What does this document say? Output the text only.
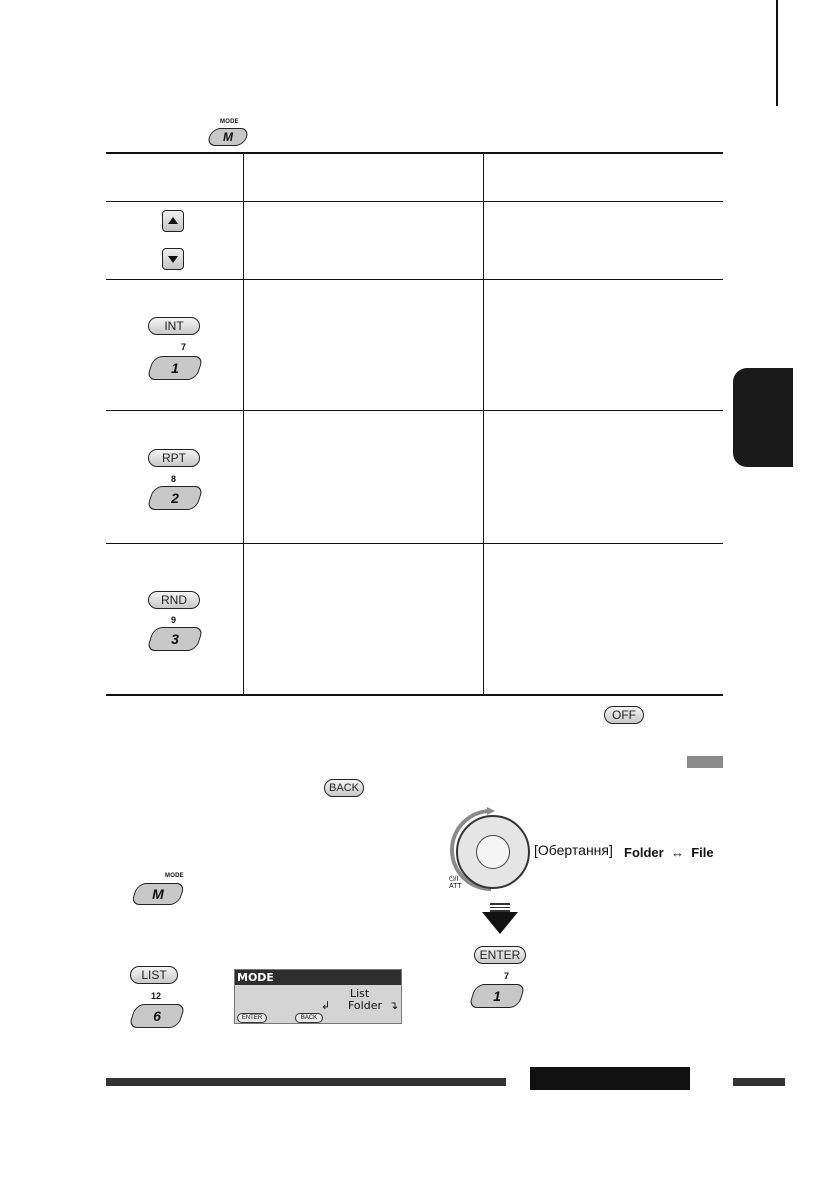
MODE
M
INT
7
1
RPT
8
2
RND
9
3
OFF
BACK
MODE
M
LIST
12
6
MODE
List
Folder
↲	↴
ENTER	BACK
⏻/I
ATT
[Обертання] Folder  ↔  File
ENTER
7
1
